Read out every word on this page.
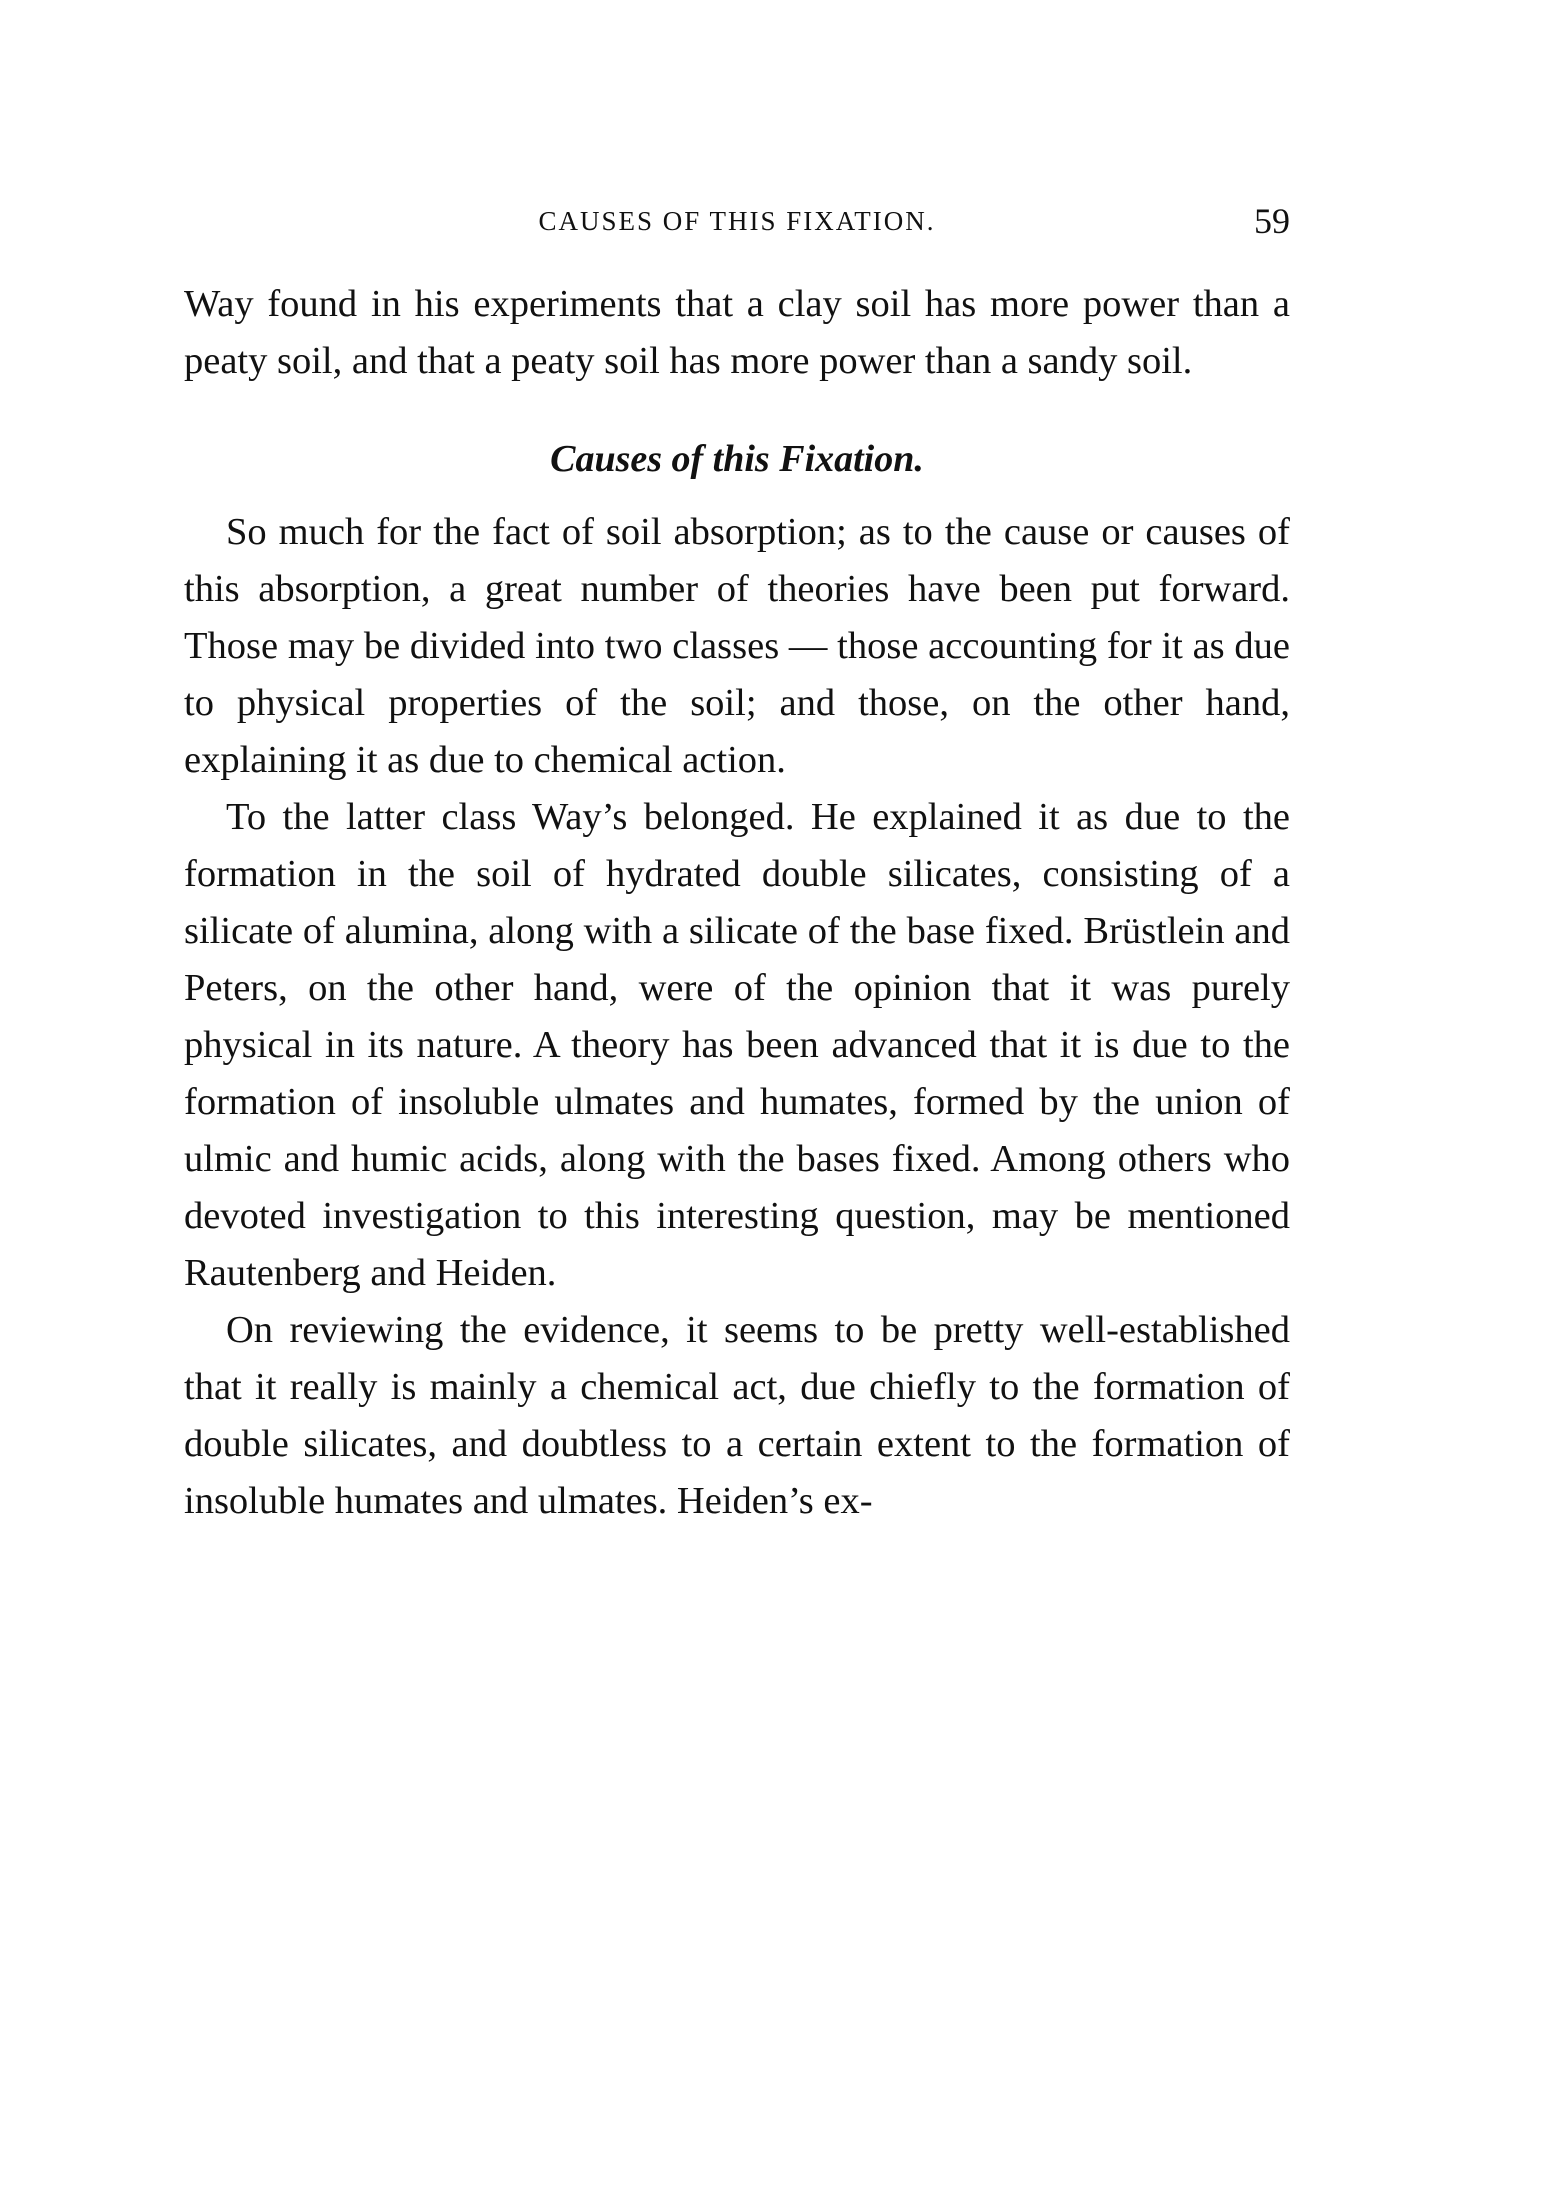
CAUSES OF THIS FIXATION.	59

Way found in his experiments that a clay soil has more power than a peaty soil, and that a peaty soil has more power than a sandy soil.

Causes of this Fixation.

So much for the fact of soil absorption; as to the cause or causes of this absorption, a great number of theories have been put forward. Those may be divided into two classes — those accounting for it as due to physical properties of the soil; and those, on the other hand, explaining it as due to chemical action.

To the latter class Way’s belonged. He explained it as due to the formation in the soil of hydrated double silicates, consisting of a silicate of alumina, along with a silicate of the base fixed. Brüstlein and Peters, on the other hand, were of the opinion that it was purely physical in its nature. A theory has been advanced that it is due to the formation of insoluble ulmates and humates, formed by the union of ulmic and humic acids, along with the bases fixed. Among others who devoted investigation to this interesting question, may be mentioned Rautenberg and Heiden.

On reviewing the evidence, it seems to be pretty well-established that it really is mainly a chemical act, due chiefly to the formation of double silicates, and doubtless to a certain extent to the formation of insoluble humates and ulmates. Heiden’s ex-
